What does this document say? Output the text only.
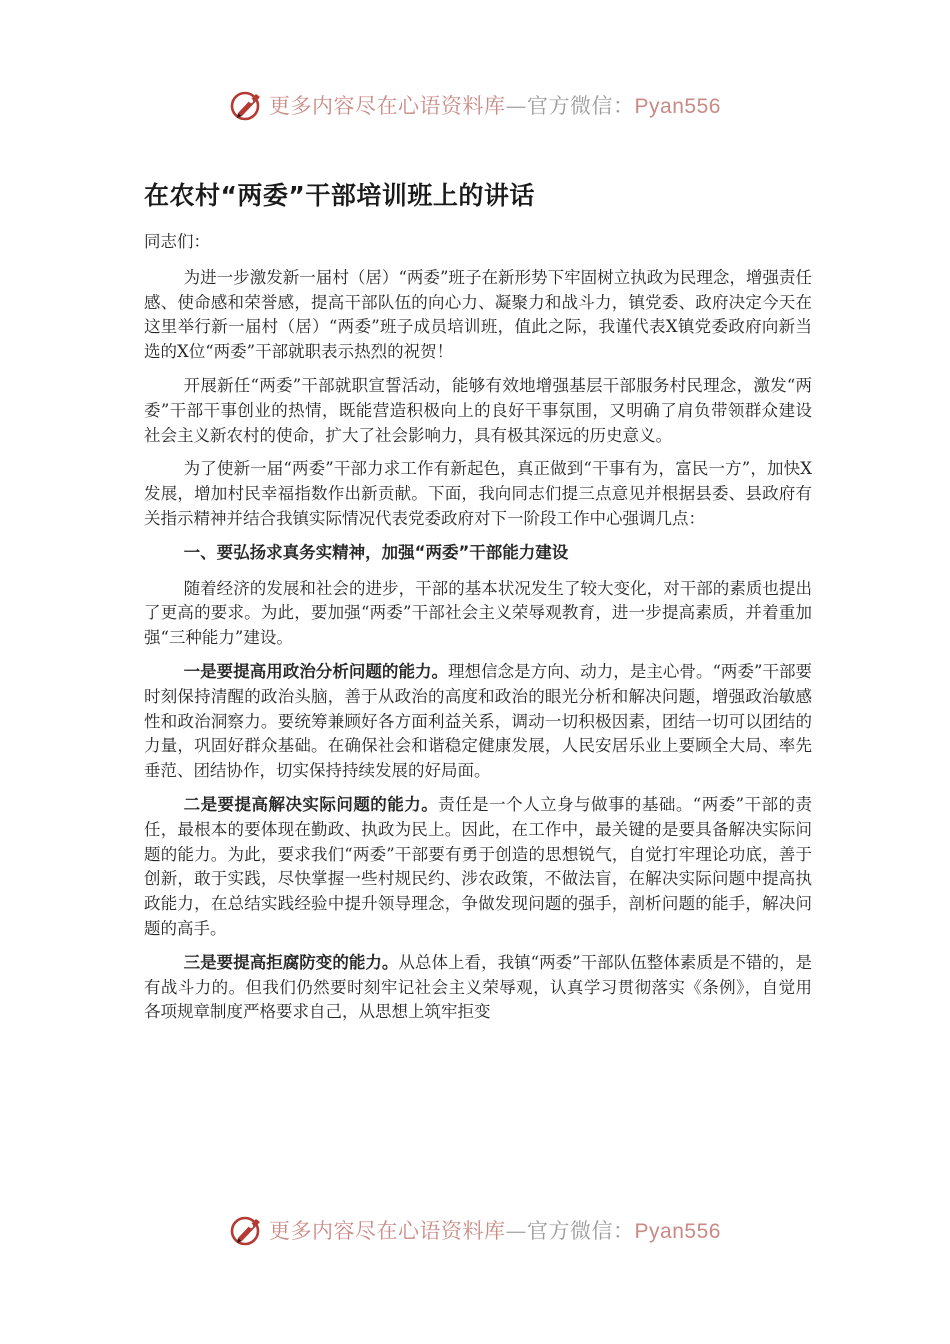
更多内容尽在心语资料库—官方微信：Pyan556
在农村“两委”干部培训班上的讲话

同志们：

为进一步激发新一届村（居）“两委”班子在新形势下牢固树立执政为民理念，增强责任感、使命感和荣誉感，提高干部队伍的向心力、凝聚力和战斗力，镇党委、政府决定今天在这里举行新一届村（居）“两委”班子成员培训班，值此之际，我谨代表X镇党委政府向新当选的X位“两委”干部就职表示热烈的祝贺！

开展新任“两委”干部就职宣誓活动，能够有效地增强基层干部服务村民理念，激发“两委”干部干事创业的热情，既能营造积极向上的良好干事氛围，又明确了肩负带领群众建设社会主义新农村的使命，扩大了社会影响力，具有极其深远的历史意义。

为了使新一届“两委”干部力求工作有新起色，真正做到“干事有为，富民一方”，加快X发展，增加村民幸福指数作出新贡献。下面，我向同志们提三点意见并根据县委、县政府有关指示精神并结合我镇实际情况代表党委政府对下一阶段工作中心强调几点：

一、要弘扬求真务实精神，加强“两委”干部能力建设

随着经济的发展和社会的进步，干部的基本状况发生了较大变化，对干部的素质也提出了更高的要求。为此，要加强“两委”干部社会主义荣辱观教育，进一步提高素质，并着重加强“三种能力”建设。

一是要提高用政治分析问题的能力。理想信念是方向、动力，是主心骨。“两委”干部要时刻保持清醒的政治头脑，善于从政治的高度和政治的眼光分析和解决问题，增强政治敏感性和政治洞察力。要统筹兼顾好各方面利益关系，调动一切积极因素，团结一切可以团结的力量，巩固好群众基础。在确保社会和谐稳定健康发展，人民安居乐业上要顾全大局、率先垂范、团结协作，切实保持持续发展的好局面。

二是要提高解决实际问题的能力。责任是一个人立身与做事的基础。“两委”干部的责任，最根本的要体现在勤政、执政为民上。因此，在工作中，最关键的是要具备解决实际问题的能力。为此，要求我们“两委”干部要有勇于创造的思想锐气，自觉打牢理论功底，善于创新，敢于实践，尽快掌握一些村规民约、涉农政策，不做法盲，在解决实际问题中提高执政能力，在总结实践经验中提升领导理念，争做发现问题的强手，剖析问题的能手，解决问题的高手。

三是要提高拒腐防变的能力。从总体上看，我镇“两委”干部队伍整体素质是不错的，是有战斗力的。但我们仍然要时刻牢记社会主义荣辱观，认真学习贯彻落实《条例》，自觉用各项规章制度严格要求自己，从思想上筑牢拒变

更多内容尽在心语资料库—官方微信：Pyan556
